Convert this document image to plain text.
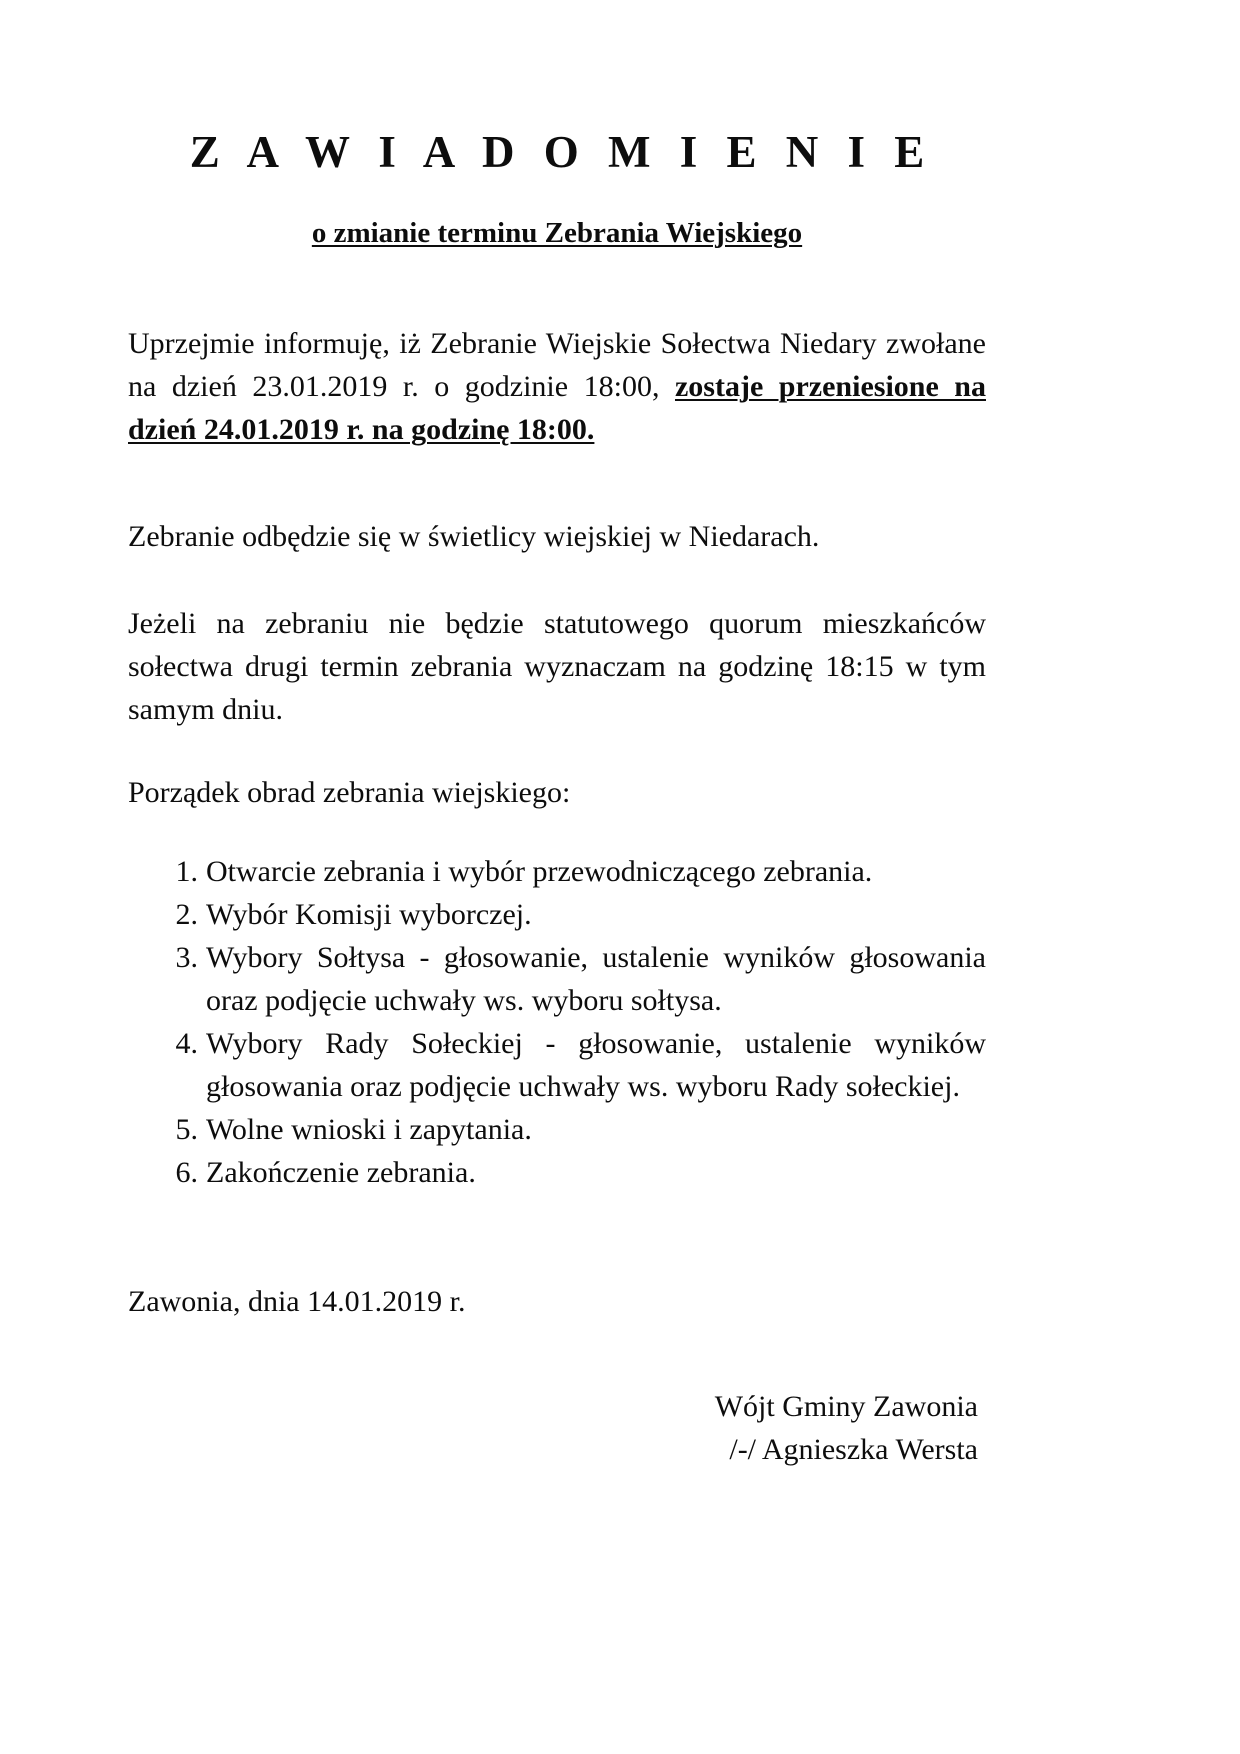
Z A W I A D O M I E N I E
o zmianie terminu Zebrania Wiejskiego

Uprzejmie informuję, iż Zebranie Wiejskie Sołectwa Niedary zwołane na dzień 23.01.2019 r. o godzinie 18:00, zostaje przeniesione na dzień 24.01.2019 r. na godzinę 18:00.

Zebranie odbędzie się w świetlicy wiejskiej w Niedarach.

Jeżeli na zebraniu nie będzie statutowego quorum mieszkańców sołectwa drugi termin zebrania wyznaczam na godzinę 18:15 w tym samym dniu.

Porządek obrad zebrania wiejskiego:

Otwarcie zebrania i wybór przewodniczącego zebrania.
Wybór Komisji wyborczej.
Wybory Sołtysa - głosowanie, ustalenie wyników głosowania oraz podjęcie uchwały ws. wyboru sołtysa.
Wybory Rady Sołeckiej - głosowanie, ustalenie wyników głosowania oraz podjęcie uchwały ws. wyboru Rady sołeckiej.
Wolne wnioski i zapytania.
Zakończenie zebrania.

Zawonia, dnia 14.01.2019 r.

Wójt Gminy Zawonia
/-/ Agnieszka Wersta
